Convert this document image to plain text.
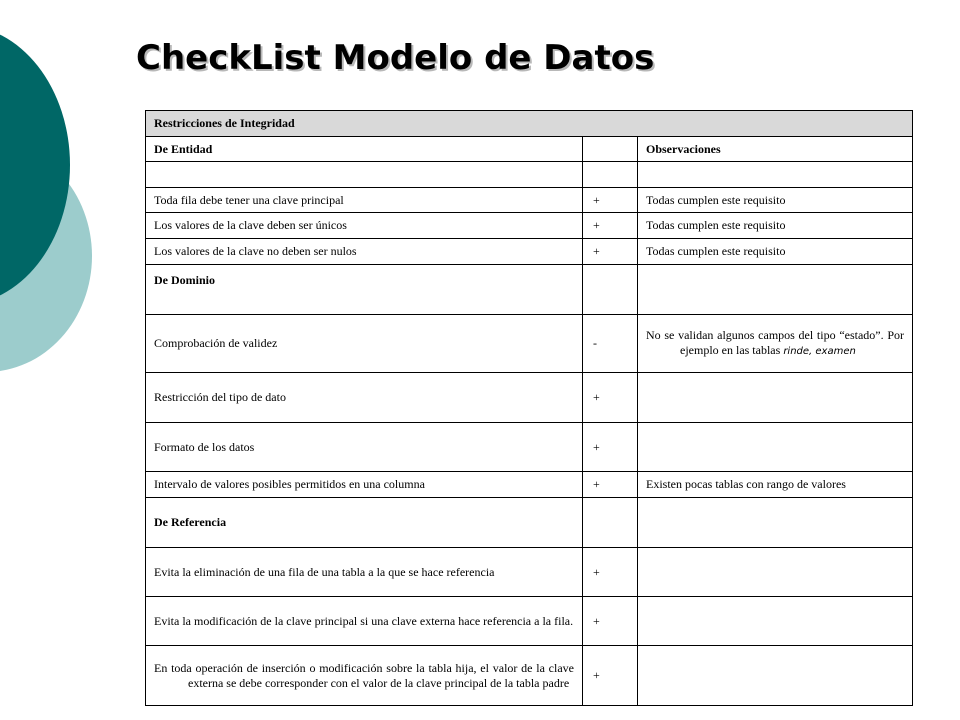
CheckList Modelo de Datos
Restricciones de Integridad		
De Entidad		Observaciones

Toda fila debe tener una clave principal	+	Todas cumplen este requisito
Los valores de la clave deben ser únicos	+	Todas cumplen este requisito
Los valores de la clave no deben ser nulos	+	Todas cumplen este requisito
De Dominio		
Comprobación de validez	-	No se validan algunos campos del tipo “estado”. Por ejemplo en las tablas rinde, examen

Restricción del tipo de dato	+	
Formato de los datos	+	
Intervalo de valores posibles permitidos en una columna	+	Existen pocas tablas con rango de valores
De Referencia		
Evita la eliminación de una fila de una tabla a la que se hace referencia	+	

Evita la modificación de la clave principal si una clave externa hace referencia a la fila.	+	

En toda operación de inserción o modificación sobre la tabla hija, el valor de la clave externa se debe corresponder con el valor de la clave principal de la tabla padre	+	
